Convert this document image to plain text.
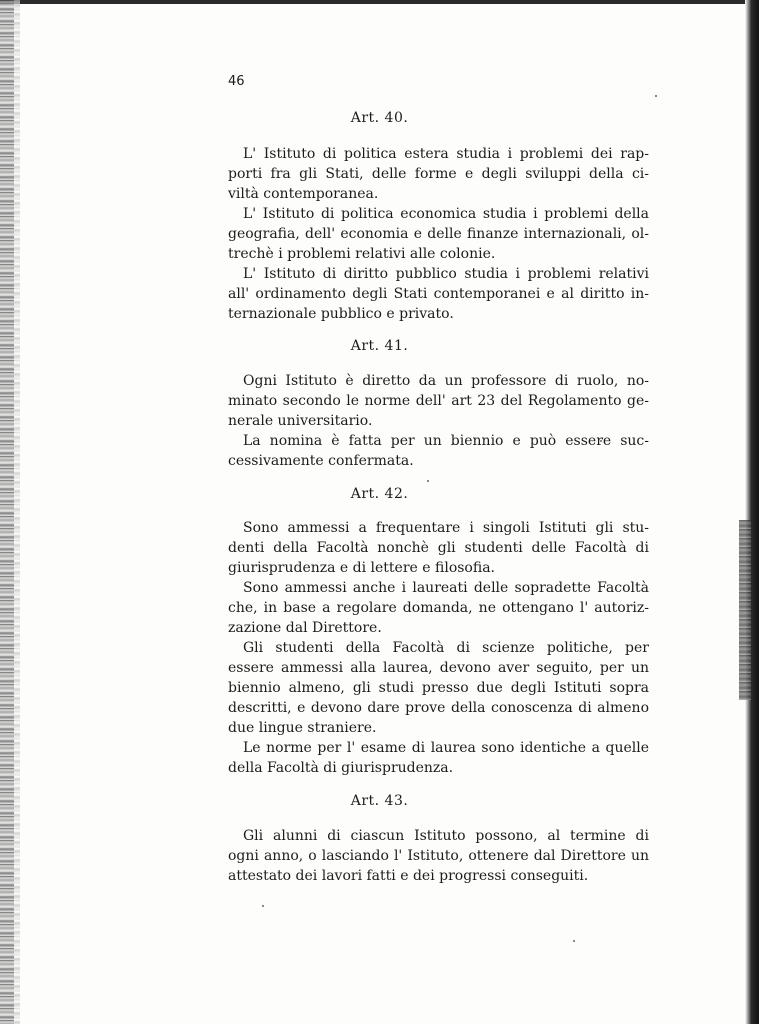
46
Art. 40.
L' Istituto di politica estera studia i problemi dei rap-
porti fra gli Stati, delle forme e degli sviluppi della ci-
viltà contemporanea.
L' Istituto di politica economica studia i problemi della
geografia, dell' economia e delle finanze internazionali, ol-
trechè i problemi relativi alle colonie.
L' Istituto di diritto pubblico studia i problemi relativi
all' ordinamento degli Stati contemporanei e al diritto in-
ternazionale pubblico e privato.
Art. 41.
Ogni Istituto è diretto da un professore di ruolo, no-
minato secondo le norme dell' art 23 del Regolamento ge-
nerale universitario.
La nomina è fatta per un biennio e può essere suc-
cessivamente confermata.
Art. 42.
Sono ammessi a frequentare i singoli Istituti gli stu-
denti della Facoltà nonchè gli studenti delle Facoltà di
giurisprudenza e di lettere e filosofia.
Sono ammessi anche i laureati delle sopradette Facoltà
che, in base a regolare domanda, ne ottengano l' autoriz-
zazione dal Direttore.
Gli studenti della Facoltà di scienze politiche, per
essere ammessi alla laurea, devono aver seguito, per un
biennio almeno, gli studi presso due degli Istituti sopra
descritti, e devono dare prove della conoscenza di almeno
due lingue straniere.
Le norme per l' esame di laurea sono identiche a quelle
della Facoltà di giurisprudenza.
Art. 43.
Gli alunni di ciascun Istituto possono, al termine di
ogni anno, o lasciando l' Istituto, ottenere dal Direttore un
attestato dei lavori fatti e dei progressi conseguiti.
